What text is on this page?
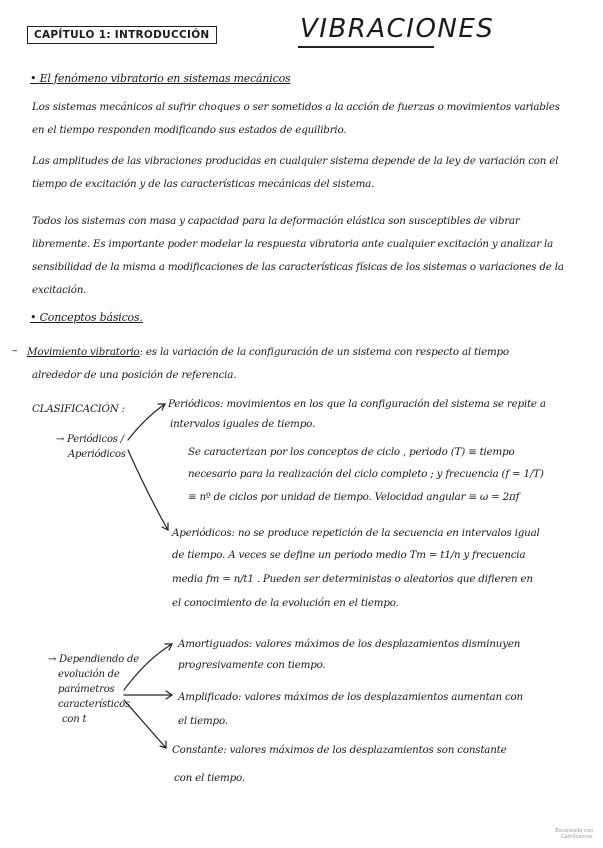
CAPÍTULO 1: INTRODUCCIÓN	VIBRACIONES
• El fenómeno vibratorio en sistemas mecánicos
Los sistemas mecánicos al sufrir choques o ser sometidos a la acción de fuerzas o movimientos variables en el tiempo responden modificando sus estados de equilibrio.
Las amplitudes de las vibraciones producidas en cualquier sistema depende de la ley de variación con el tiempo de excitación y de las características mecánicas del sistema.
Todos los sistemas con masa y capacidad para la deformación elástica son susceptibles de vibrar libremente. Es importante poder modelar la respuesta vibratoria ante cualquier excitación y analizar la sensibilidad de la misma a modificaciones de las características físicas de los sistemas o variaciones de la excitación.
• Conceptos básicos.
– Movimiento vibratorio: es la variación de la configuración de un sistema con respecto al tiempo
alrededor de una posición de referencia.
CLASIFICACIÓN :
→ Periódicos /
Aperiódicos
Periódicos: movimientos en los que la configuración del sistema se repite a
intervalos iguales de tiempo.
Se caracterizan por los conceptos de ciclo , periodo (T) ≡ tiempo
necesario para la realización del ciclo completo ; y frecuencia (f = 1/T)
≡ nº de ciclos por unidad de tiempo. Velocidad angular ≡ ω = 2πf
Aperiódicos: no se produce repetición de la secuencia en intervalos igual
de tiempo. A veces se define un periodo medio Tm = t1/n y frecuencia
media fm = n/t1 . Pueden ser deterministas o aleatorios que difieren en
el conocimiento de la evolución en el tiempo.
→ Dependiendo de
evolución de
parámetros
característicos
con t
Amortiguados: valores máximos de los desplazamientos disminuyen
progresivamente con tiempo.
Amplificado: valores máximos de los desplazamientos aumentan con
el tiempo.
Constante: valores máximos de los desplazamientos son constante
con el tiempo.
Escaneado con
CamScanner
